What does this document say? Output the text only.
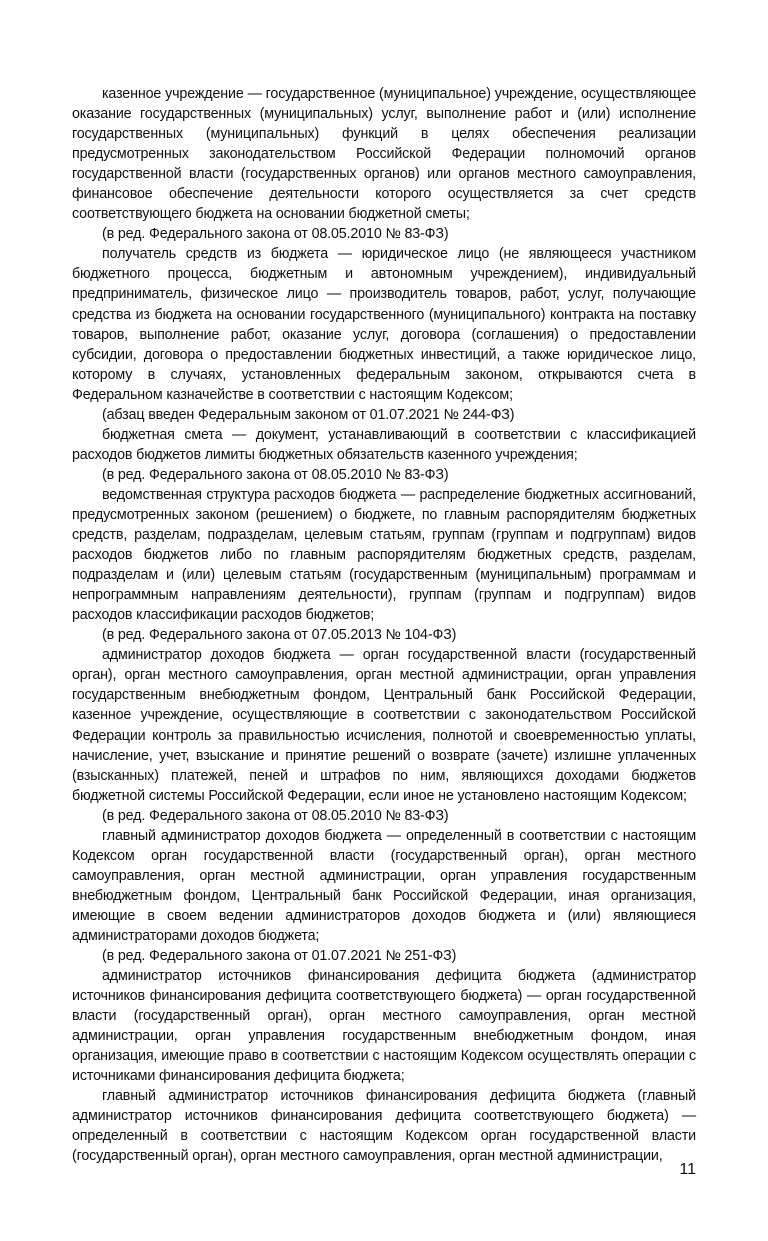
казенное учреждение — государственное (муниципальное) учреждение, осуществляющее оказание государственных (муниципальных) услуг, выполнение работ и (или) исполнение государственных (муниципальных) функций в целях обеспечения реализации предусмотренных законодательством Российской Федерации полномочий органов государственной власти (государственных органов) или органов местного самоуправления, финансовое обеспечение деятельности которого осуществляется за счет средств соответствующего бюджета на основании бюджетной сметы;

(в ред. Федерального закона от 08.05.2010 № 83-ФЗ)

получатель средств из бюджета — юридическое лицо (не являющееся участником бюджетного процесса, бюджетным и автономным учреждением), индивидуальный предприниматель, физическое лицо — производитель товаров, работ, услуг, получающие средства из бюджета на основании государственного (муниципального) контракта на поставку товаров, выполнение работ, оказание услуг, договора (соглашения) о предоставлении субсидии, договора о предоставлении бюджетных инвестиций, а также юридическое лицо, которому в случаях, установленных федеральным законом, открываются счета в Федеральном казначействе в соответствии с настоящим Кодексом;

(абзац введен Федеральным законом от 01.07.2021 № 244-ФЗ)

бюджетная смета — документ, устанавливающий в соответствии с классификацией расходов бюджетов лимиты бюджетных обязательств казенного учреждения;

(в ред. Федерального закона от 08.05.2010 № 83-ФЗ)

ведомственная структура расходов бюджета — распределение бюджетных ассигнований, предусмотренных законом (решением) о бюджете, по главным распорядителям бюджетных средств, разделам, подразделам, целевым статьям, группам (группам и подгруппам) видов расходов бюджетов либо по главным распорядителям бюджетных средств, разделам, подразделам и (или) целевым статьям (государственным (муниципальным) программам и непрограммным направлениям деятельности), группам (группам и подгруппам) видов расходов классификации расходов бюджетов;

(в ред. Федерального закона от 07.05.2013 № 104-ФЗ)

администратор доходов бюджета — орган государственной власти (государственный орган), орган местного самоуправления, орган местной администрации, орган управления государственным внебюджетным фондом, Центральный банк Российской Федерации, казенное учреждение, осуществляющие в соответствии с законодательством Российской Федерации контроль за правильностью исчисления, полнотой и своевременностью уплаты, начисление, учет, взыскание и принятие решений о возврате (зачете) излишне уплаченных (взысканных) платежей, пеней и штрафов по ним, являющихся доходами бюджетов бюджетной системы Российской Федерации, если иное не установлено настоящим Кодексом;

(в ред. Федерального закона от 08.05.2010 № 83-ФЗ)

главный администратор доходов бюджета — определенный в соответствии с настоящим Кодексом орган государственной власти (государственный орган), орган местного самоуправления, орган местной администрации, орган управления государственным внебюджетным фондом, Центральный банк Российской Федерации, иная организация, имеющие в своем ведении администраторов доходов бюджета и (или) являющиеся администраторами доходов бюджета;

(в ред. Федерального закона от 01.07.2021 № 251-ФЗ)

администратор источников финансирования дефицита бюджета (администратор источников финансирования дефицита соответствующего бюджета) — орган государственной власти (государственный орган), орган местного самоуправления, орган местной администрации, орган управления государственным внебюджетным фондом, иная организация, имеющие право в соответствии с настоящим Кодексом осуществлять операции с источниками финансирования дефицита бюджета;

главный администратор источников финансирования дефицита бюджета (главный администратор источников финансирования дефицита соответствующего бюджета) — определенный в соответствии с настоящим Кодексом орган государственной власти (государственный орган), орган местного самоуправления, орган местной администрации,

11
